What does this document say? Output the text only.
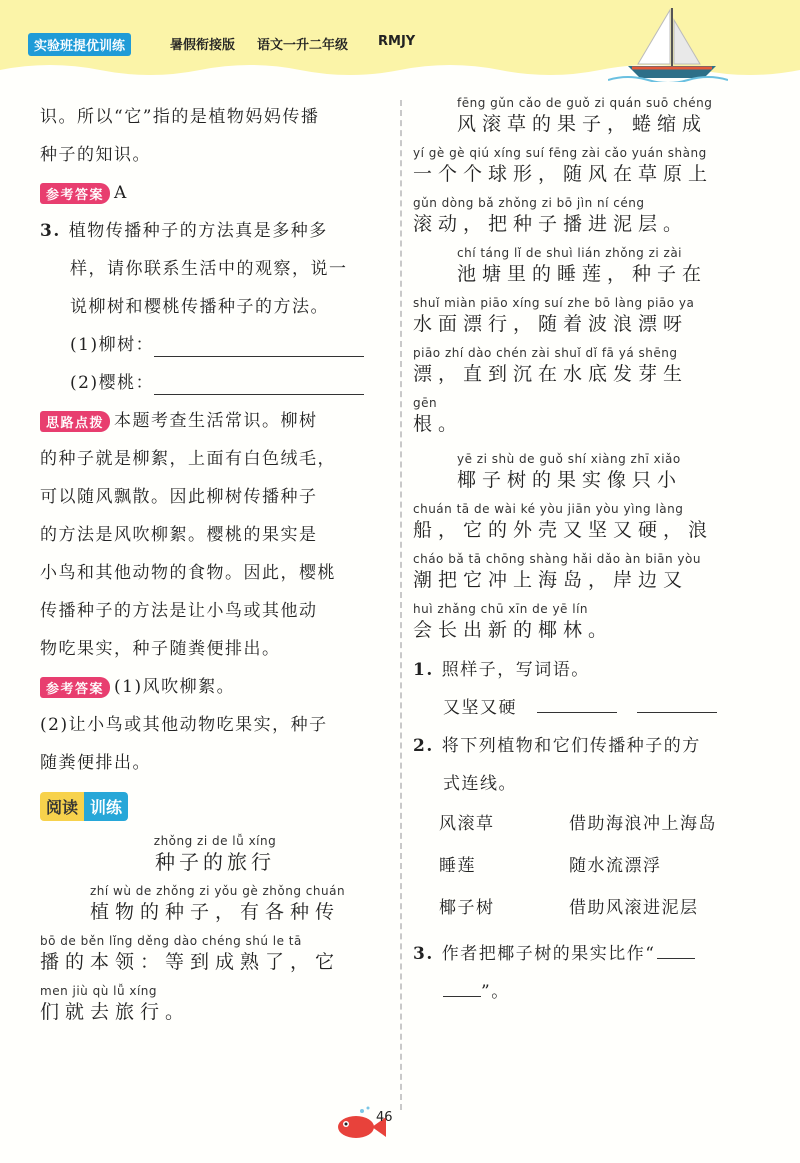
实验班提优训练	暑假衔接版 语文一升二年级 RMJY

识。所以“它”指的是植物妈妈传播

种子的知识。

参考答案 A

3. 植物传播种子的方法真是多种多

样，请你联系生活中的观察，说一

说柳树和樱桃传播种子的方法。

(1)柳树：

(2)樱桃：

思路点拨 本题考查生活常识。柳树

的种子就是柳絮，上面有白色绒毛，

可以随风飘散。因此柳树传播种子

的方法是风吹柳絮。樱桃的果实是

小鸟和其他动物的食物。因此，樱桃

传播种子的方法是让小鸟或其他动

物吃果实，种子随粪便排出。

参考答案 (1)风吹柳絮。

(2)让小鸟或其他动物吃果实，种子

随粪便排出。

阅读 训练
zhǒng zi de lǚ xíng
种子的旅行
zhí wù de zhǒng zi yǒu gè zhǒng chuán
植物的种子，有各种传
bō de běn lǐng děng dào chéng shú le tā
播的本领：等到成熟了，它
men jiù qù lǚ xíng
们就去旅行。
fēng gǔn cǎo de guǒ zi quán suō chéng
风滚草的果子，蜷缩成
yí gè gè qiú xíng suí fēng zài cǎo yuán shàng
一个个球形，随风在草原上
gǔn dòng bǎ zhǒng zi bō jìn ní céng
滚动，把种子播进泥层。
chí táng lǐ de shuì lián zhǒng zi zài
池塘里的睡莲，种子在
shuǐ miàn piāo xíng suí zhe bō làng piāo ya
水面漂行，随着波浪漂呀
piāo zhí dào chén zài shuǐ dǐ fā yá shēng
漂，直到沉在水底发芽生
gēn
根。
yē zi shù de guǒ shí xiàng zhī xiǎo
椰子树的果实像只小
chuán tā de wài ké yòu jiān yòu yìng làng
船，它的外壳又坚又硬，浪
cháo bǎ tā chōng shàng hǎi dǎo àn biān yòu
潮把它冲上海岛，岸边又
huì zhǎng chū xīn de yē lín
会长出新的椰林。

1. 照样子，写词语。

又坚又硬

2. 将下列植物和它们传播种子的方

式连线。

风滚草	借助海浪冲上海岛
睡莲	随水流漂浮
椰子树	借助风滚进泥层

3. 作者把椰子树的果实比作“

”。

46
